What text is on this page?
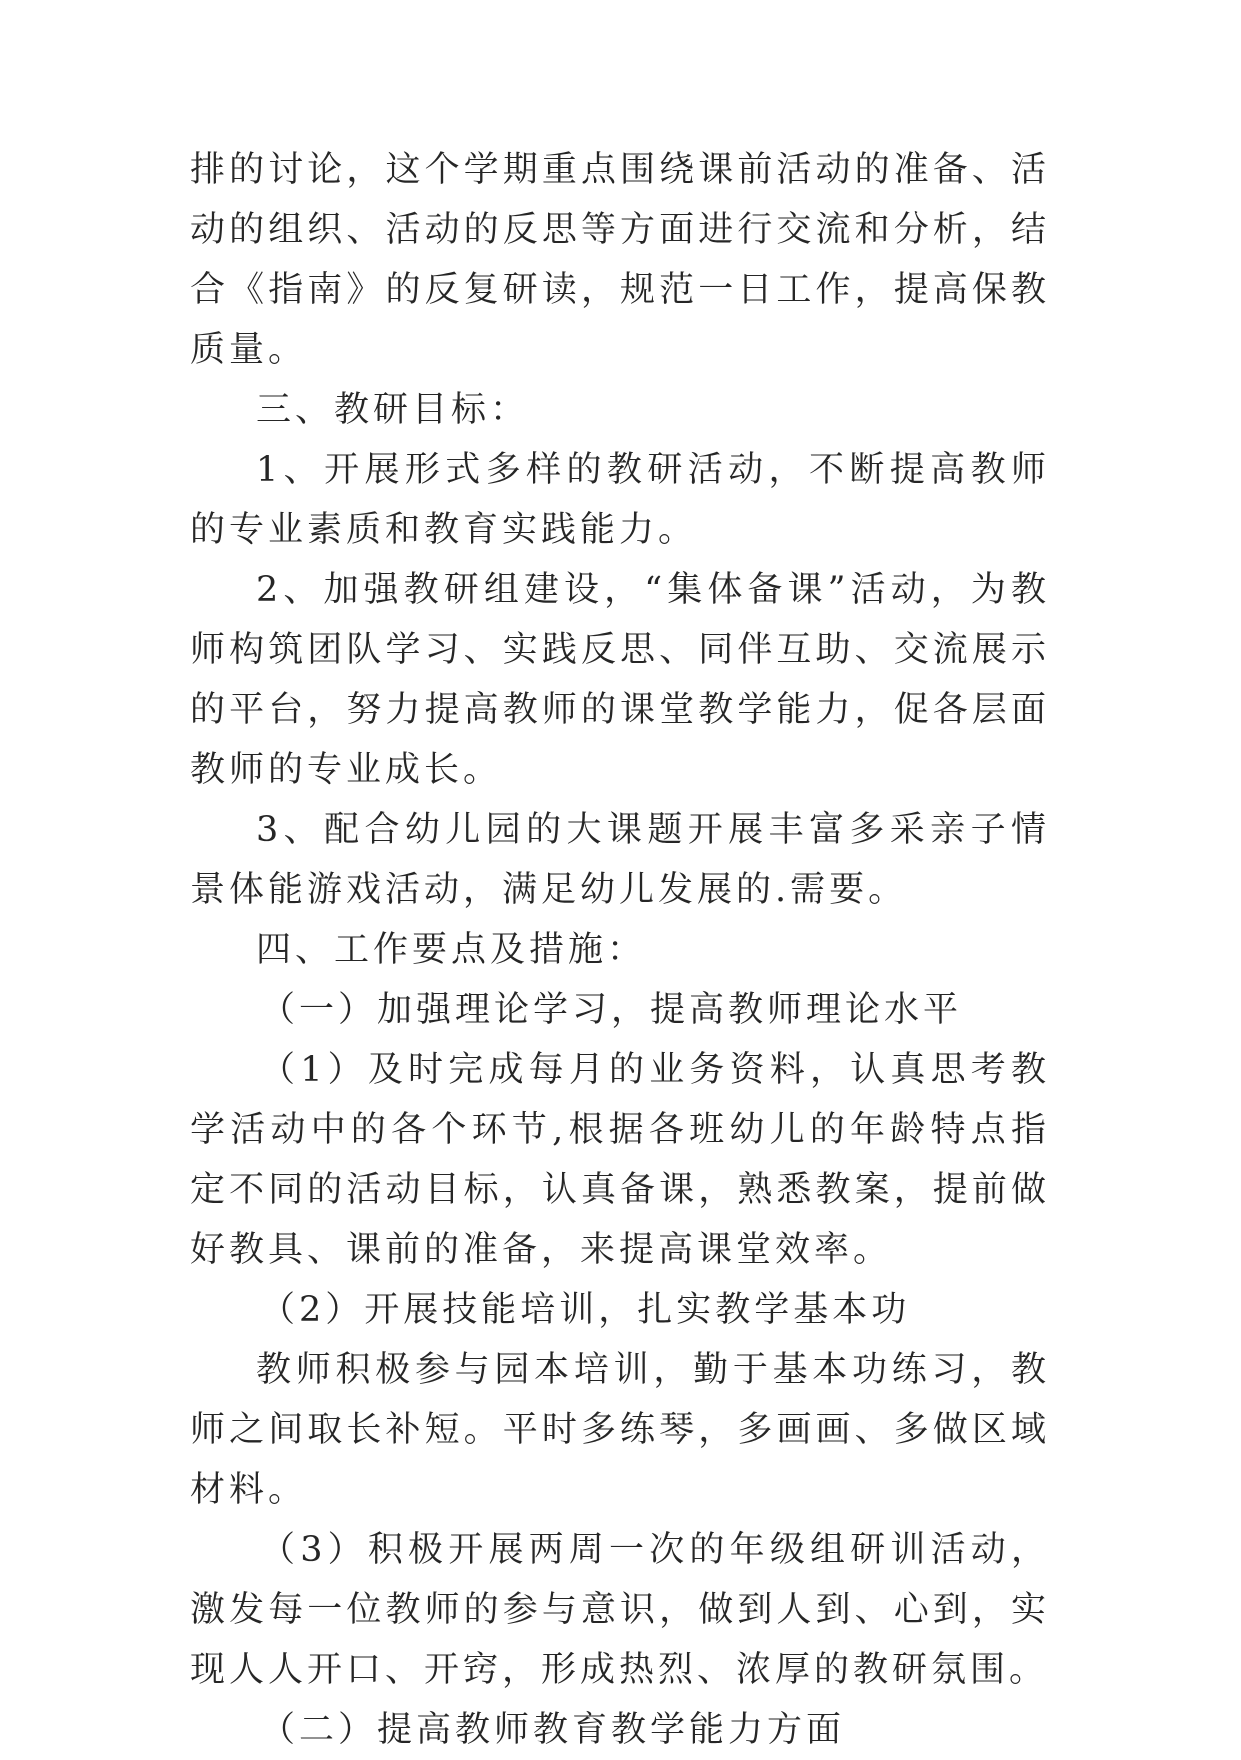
排的讨论，这个学期重点围绕课前活动的准备、活动的组织、活动的反思等方面进行交流和分析，结合《指南》的反复研读，规范一日工作，提高保教质量。

三、教研目标：

1、开展形式多样的教研活动，不断提高教师的专业素质和教育实践能力。

2、加强教研组建设，“集体备课”活动，为教师构筑团队学习、实践反思、同伴互助、交流展示的平台，努力提高教师的课堂教学能力，促各层面教师的专业成长。

3、配合幼儿园的大课题开展丰富多采亲子情景体能游戏活动，满足幼儿发展的.需要。

四、工作要点及措施：

（一）加强理论学习，提高教师理论水平

（1）及时完成每月的业务资料，认真思考教学活动中的各个环节,根据各班幼儿的年龄特点指定不同的活动目标，认真备课，熟悉教案，提前做好教具、课前的准备，来提高课堂效率。

（2）开展技能培训，扎实教学基本功

教师积极参与园本培训，勤于基本功练习，教师之间取长补短。平时多练琴，多画画、多做区域材料。

（3）积极开展两周一次的年级组研训活动，激发每一位教师的参与意识，做到人到、心到，实现人人开口、开窍，形成热烈、浓厚的教研氛围。

（二）提高教师教育教学能力方面
